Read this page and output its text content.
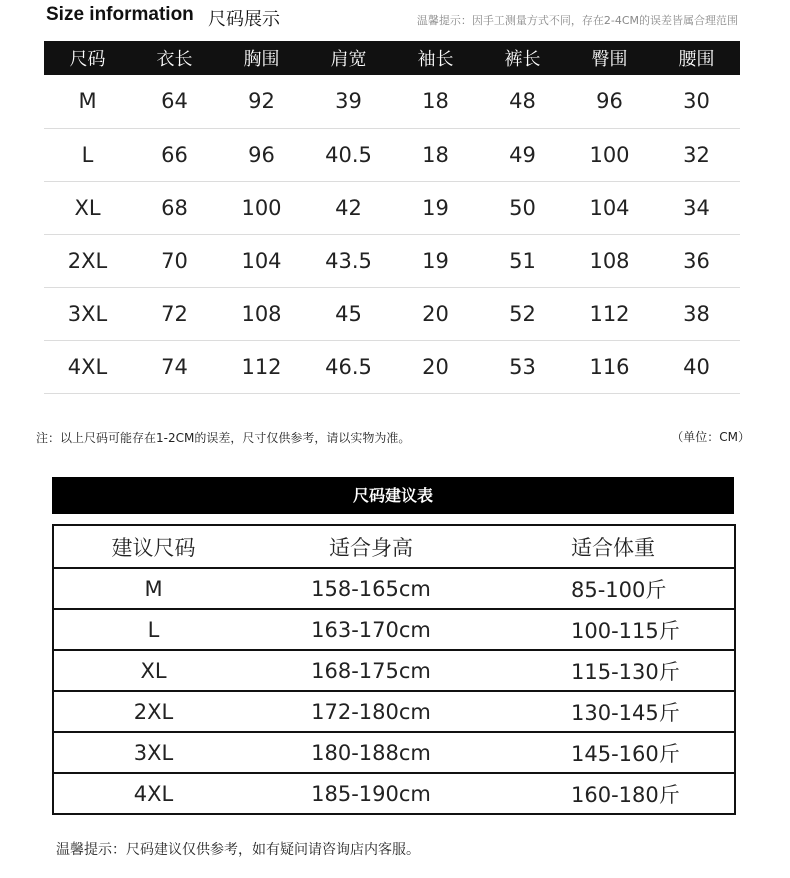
Size information 尺码展示	温馨提示：因手工测量方式不同，存在2-4CM的误差皆属合理范围
尺码	衣长	胸围	肩宽	袖长	裤长	臀围	腰围
M	64	92	39	18	48	96	30
L	66	96	40.5	18	49	100	32
XL	68	100	42	19	50	104	34
2XL	70	104	43.5	19	51	108	36
3XL	72	108	45	20	52	112	38
4XL	74	112	46.5	20	53	116	40
注：以上尺码可能存在1-2CM的误差，尺寸仅供参考，请以实物为准。	（单位：CM）
尺码建议表
建议尺码	适合身高	适合体重
M	158-165cm	85-100斤
L	163-170cm	100-115斤
XL	168-175cm	115-130斤
2XL	172-180cm	130-145斤
3XL	180-188cm	145-160斤
4XL	185-190cm	160-180斤
温馨提示：尺码建议仅供参考，如有疑问请咨询店内客服。
